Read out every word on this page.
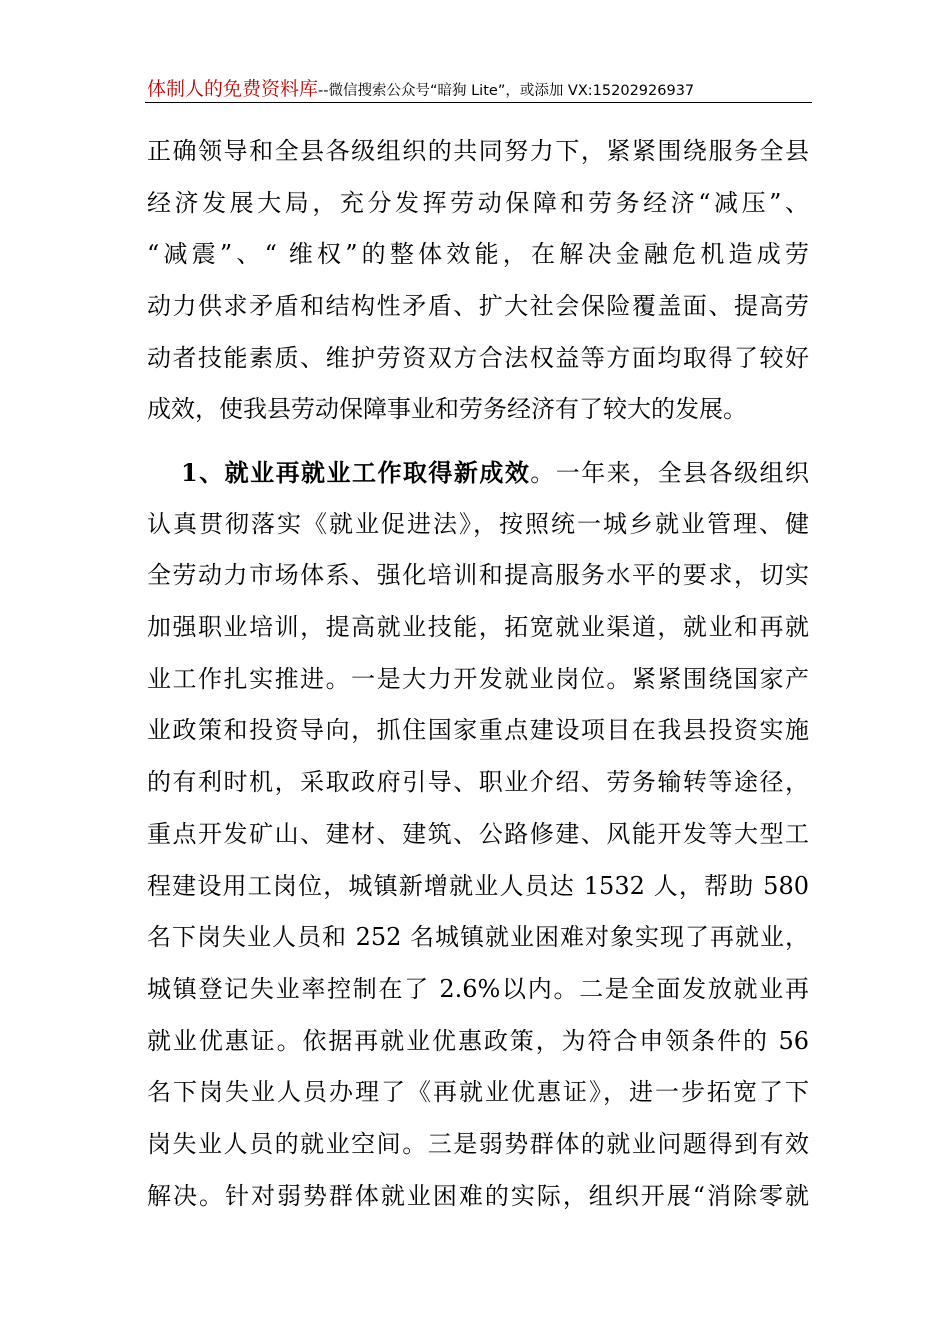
体制人的免费资料库--微信搜索公众号“暗狗 Lite”，或添加 VX:15202926937
正确领导和全县各级组织的共同努力下，紧紧围绕服务全县
经济发展大局，充分发挥劳动保障和劳务经济“减压”、
“减震”、“ 维权”的整体效能，在解决金融危机造成劳
动力供求矛盾和结构性矛盾、扩大社会保险覆盖面、提高劳
动者技能素质、维护劳资双方合法权益等方面均取得了较好
成效，使我县劳动保障事业和劳务经济有了较大的发展。
1、就业再就业工作取得新成效。一年来，全县各级组织
认真贯彻落实《就业促进法》，按照统一城乡就业管理、健
全劳动力市场体系、强化培训和提高服务水平的要求，切实
加强职业培训，提高就业技能，拓宽就业渠道，就业和再就
业工作扎实推进。一是大力开发就业岗位。紧紧围绕国家产
业政策和投资导向，抓住国家重点建设项目在我县投资实施
的有利时机，采取政府引导、职业介绍、劳务输转等途径，
重点开发矿山、建材、建筑、公路修建、风能开发等大型工
程建设用工岗位，城镇新增就业人员达 1532 人，帮助 580
名下岗失业人员和 252 名城镇就业困难对象实现了再就业，
城镇登记失业率控制在了 2.6%以内。二是全面发放就业再
就业优惠证。依据再就业优惠政策，为符合申领条件的 56
名下岗失业人员办理了《再就业优惠证》，进一步拓宽了下
岗失业人员的就业空间。三是弱势群体的就业问题得到有效
解决。针对弱势群体就业困难的实际，组织开展“消除零就
